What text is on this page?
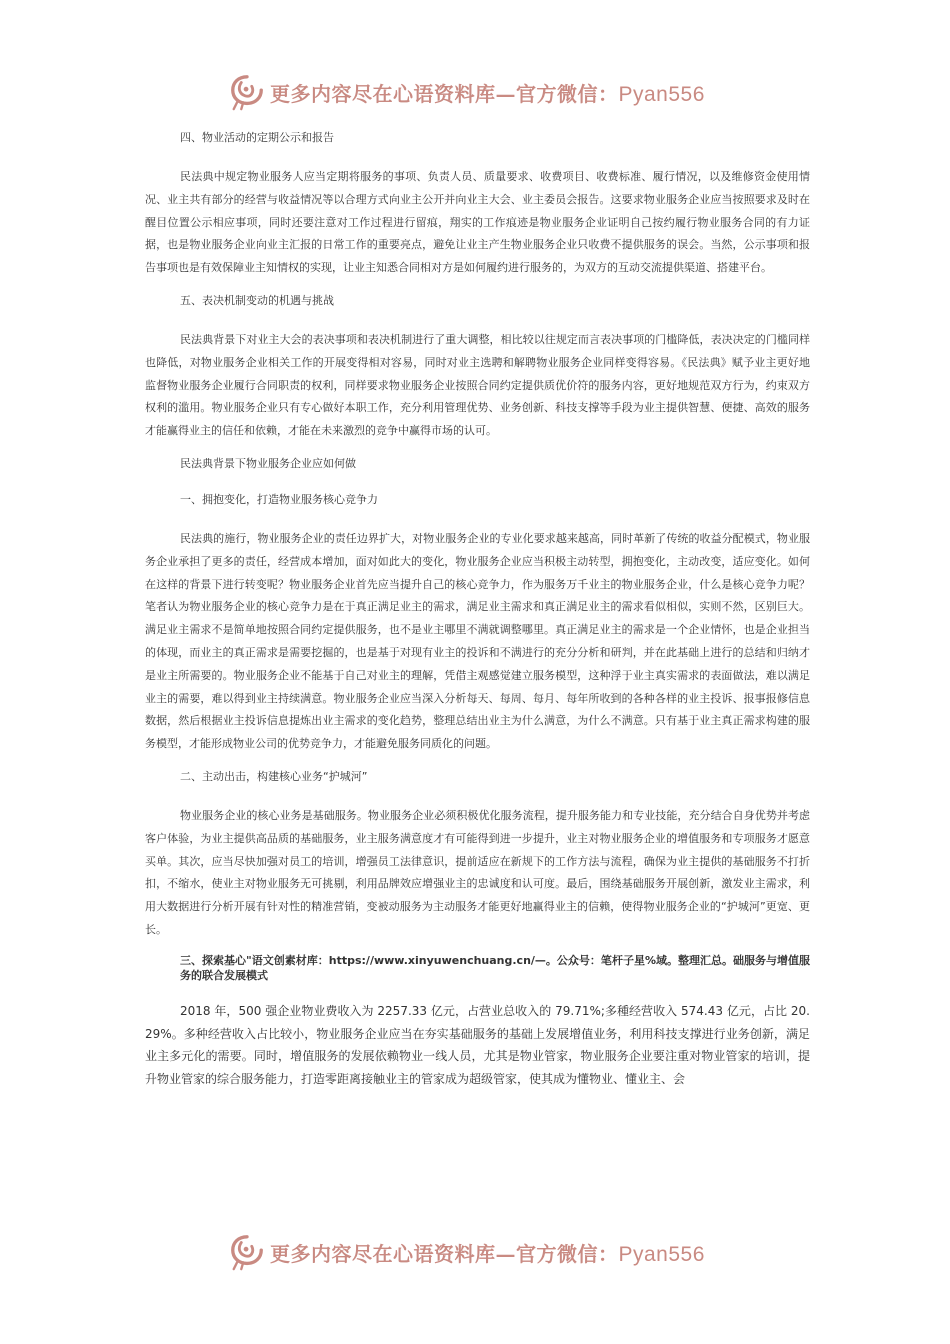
更多内容尽在心语资料库—官方微信：Pyan556
四、物业活动的定期公示和报告

民法典中规定物业服务人应当定期将服务的事项、负责人员、质量要求、收费项目、收费标准、履行情况，以及维修资金使用情况、业主共有部分的经营与收益情况等以合理方式向业主公开并向业主大会、业主委员会报告。这要求物业服务企业应当按照要求及时在醒目位置公示相应事项，同时还要注意对工作过程进行留痕，翔实的工作痕迹是物业服务企业证明自己按约履行物业服务合同的有力证据，也是物业服务企业向业主汇报的日常工作的重要亮点，避免让业主产生物业服务企业只收费不提供服务的误会。当然，公示事项和报告事项也是有效保障业主知情权的实现，让业主知悉合同相对方是如何履约进行服务的，为双方的互动交流提供渠道、搭建平台。

五、表决机制变动的机遇与挑战

民法典背景下对业主大会的表决事项和表决机制进行了重大调整，相比较以往规定而言表决事项的门槛降低，表决决定的门槛同样也降低，对物业服务企业相关工作的开展变得相对容易，同时对业主选聘和解聘物业服务企业同样变得容易。《民法典》赋予业主更好地监督物业服务企业履行合同职责的权利，同样要求物业服务企业按照合同约定提供质优价符的服务内容，更好地规范双方行为，约束双方权利的滥用。物业服务企业只有专心做好本职工作，充分利用管理优势、业务创新、科技支撑等手段为业主提供智慧、便捷、高效的服务才能赢得业主的信任和依赖，才能在未来激烈的竞争中赢得市场的认可。

民法典背景下物业服务企业应如何做
一、拥抱变化，打造物业服务核心竞争力

民法典的施行，物业服务企业的责任边界扩大，对物业服务企业的专业化要求越来越高，同时革新了传统的收益分配模式，物业服务企业承担了更多的责任，经营成本增加，面对如此大的变化，物业服务企业应当积极主动转型，拥抱变化，主动改变，适应变化。如何在这样的背景下进行转变呢？物业服务企业首先应当提升自己的核心竞争力，作为服务万千业主的物业服务企业，什么是核心竞争力呢？笔者认为物业服务企业的核心竞争力是在于真正满足业主的需求，满足业主需求和真正满足业主的需求看似相似，实则不然，区别巨大。满足业主需求不是简单地按照合同约定提供服务，也不是业主哪里不满就调整哪里。真正满足业主的需求是一个企业情怀，也是企业担当的体现，而业主的真正需求是需要挖掘的，也是基于对现有业主的投诉和不满进行的充分分析和研判，并在此基础上进行的总结和归纳才是业主所需要的。物业服务企业不能基于自己对业主的理解，凭借主观感觉建立服务模型，这种浮于业主真实需求的表面做法，难以满足业主的需要，难以得到业主持续满意。物业服务企业应当深入分析每天、每周、每月、每年所收到的各种各样的业主投诉、报事报修信息数据，然后根据业主投诉信息提炼出业主需求的变化趋势，整理总结出业主为什么满意，为什么不满意。只有基于业主真正需求构建的服务模型，才能形成物业公司的优势竞争力，才能避免服务同质化的问题。

二、主动出击，构建核心业务“护城河”

物业服务企业的核心业务是基础服务。物业服务企业必须积极优化服务流程，提升服务能力和专业技能，充分结合自身优势并考虑客户体验，为业主提供高品质的基础服务，业主服务满意度才有可能得到进一步提升，业主对物业服务企业的增值服务和专项服务才愿意买单。其次，应当尽快加强对员工的培训，增强员工法律意识，提前适应在新规下的工作方法与流程，确保为业主提供的基础服务不打折扣，不缩水，使业主对物业服务无可挑剔，利用品牌效应增强业主的忠诚度和认可度。最后，围绕基础服务开展创新，激发业主需求，利用大数据进行分析开展有针对性的精准营销，变被动服务为主动服务才能更好地赢得业主的信赖，使得物业服务企业的“护城河”更宽、更长。

三、探索基心"语文创素材库：https://www.xinyuwenchuang.cn/—。公众号：笔杆子星%域。整理汇总。础服务与增值服务的联合发展模式

2018 年，500 强企业物业费收入为 2257.33 亿元，占营业总收入的 79.71%;多種经营收入 574.43 亿元，占比 20.29%。多种经营收入占比较小，物业服务企业应当在夯实基础服务的基础上发展增值业务，利用科技支撑进行业务创新，满足业主多元化的需要。同时，增值服务的发展依赖物业一线人员，尤其是物业管家，物业服务企业要注重对物业管家的培训，提升物业管家的综合服务能力，打造零距离接触业主的管家成为超级管家，使其成为懂物业、懂业主、会

更多内容尽在心语资料库—官方微信：Pyan556
